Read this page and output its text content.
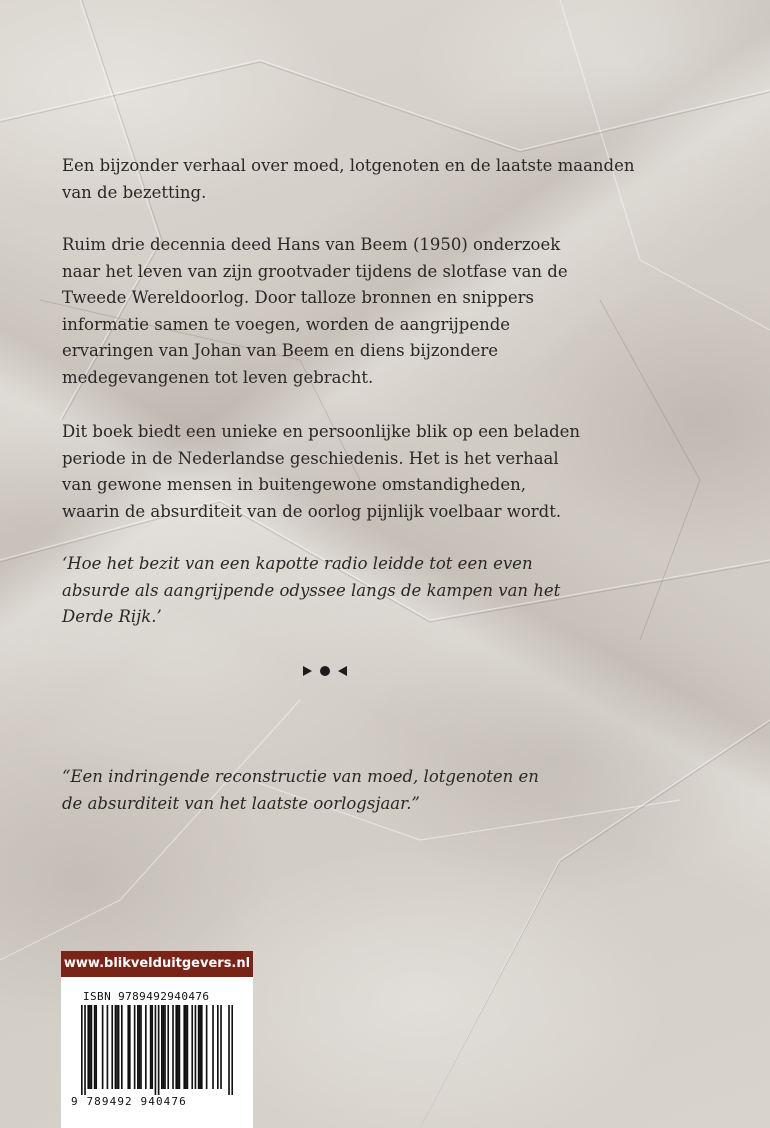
Een bijzonder verhaal over moed, lotgenoten en de laatste maanden van de bezetting.

Ruim drie decennia deed Hans van Beem (1950) onderzoek naar het leven van zijn grootvader tijdens de slotfase van de Tweede Wereldoorlog. Door talloze bronnen en snippers informatie samen te voegen, worden de aangrijpende ervaringen van Johan van Beem en diens bijzondere medegevangenen tot leven gebracht.

Dit boek biedt een unieke en persoonlijke blik op een beladen periode in de Nederlandse geschiedenis. Het is het verhaal van gewone mensen in buitengewone omstandigheden, waarin de absurditeit van de oorlog pijnlijk voelbaar wordt.

‘Hoe het bezit van een kapotte radio leidde tot een even absurde als aangrijpende odyssee langs de kampen van het Derde Rijk.’

“Een indringende reconstructie van moed, lotgenoten en de absurditeit van het laatste oorlogsjaar.”

www.blikvelduitgevers.nl
ISBN 9789492940476
9 789492 940476
